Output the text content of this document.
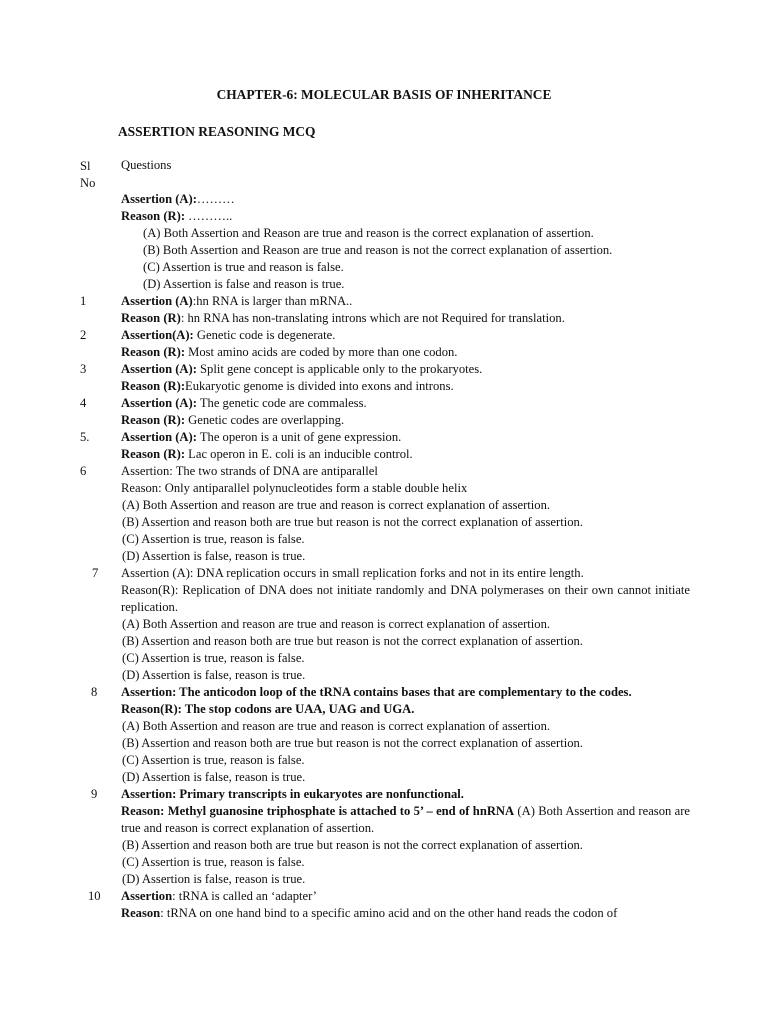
CHAPTER-6: MOLECULAR BASIS OF INHERITANCE
ASSERTION REASONING MCQ
Sl
No
Questions
Assertion (A):………
Reason (R): ………..
(A) Both Assertion and Reason are true and reason is the correct explanation of assertion.
(B) Both Assertion and Reason are true and reason is not the correct explanation of assertion.
(C) Assertion is true and reason is false.
(D) Assertion is false and reason is true.
1	Assertion (A):hn RNA is larger than mRNA..
Reason (R): hn RNA has non-translating introns which are not Required for translation.
2	Assertion(A): Genetic code is degenerate.
Reason (R): Most amino acids are coded by more than one codon.
3	Assertion (A): Split gene concept is applicable only to the prokaryotes.
Reason (R):Eukaryotic genome is divided into exons and introns.
4	Assertion (A): The genetic code are commaless.
Reason (R): Genetic codes are overlapping.
5.	Assertion (A): The operon is a unit of gene expression.
Reason (R): Lac operon in E. coli is an inducible control.
6	Assertion: The two strands of DNA are antiparallel
Reason: Only antiparallel polynucleotides form a stable double helix
(A) Both Assertion and reason are true and reason is correct explanation of assertion.
(B) Assertion and reason both are true but reason is not the correct explanation of assertion.
(C) Assertion is true, reason is false.
(D) Assertion is false, reason is true.
7	Assertion (A): DNA replication occurs in small replication forks and not in its entire length.
Reason(R): Replication of DNA does not initiate randomly and DNA polymerases on their own cannot initiate replication.
(A) Both Assertion and reason are true and reason is correct explanation of assertion.
(B) Assertion and reason both are true but reason is not the correct explanation of assertion.
(C) Assertion is true, reason is false.
(D) Assertion is false, reason is true.
8	Assertion: The anticodon loop of the tRNA contains bases that are complementary to the codes.
Reason(R): The stop codons are UAA, UAG and UGA.
(A) Both Assertion and reason are true and reason is correct explanation of assertion.
(B) Assertion and reason both are true but reason is not the correct explanation of assertion.
(C) Assertion is true, reason is false.
(D) Assertion is false, reason is true.
9	Assertion: Primary transcripts in eukaryotes are nonfunctional.
Reason: Methyl guanosine triphosphate is attached to 5’ – end of hnRNA (A) Both Assertion and reason are true and reason is correct explanation of assertion.
(B) Assertion and reason both are true but reason is not the correct explanation of assertion.
(C) Assertion is true, reason is false.
(D) Assertion is false, reason is true.
10	Assertion: tRNA is called an ‘adapter’
Reason: tRNA on one hand bind to a specific amino acid and on the other hand reads the codon of
